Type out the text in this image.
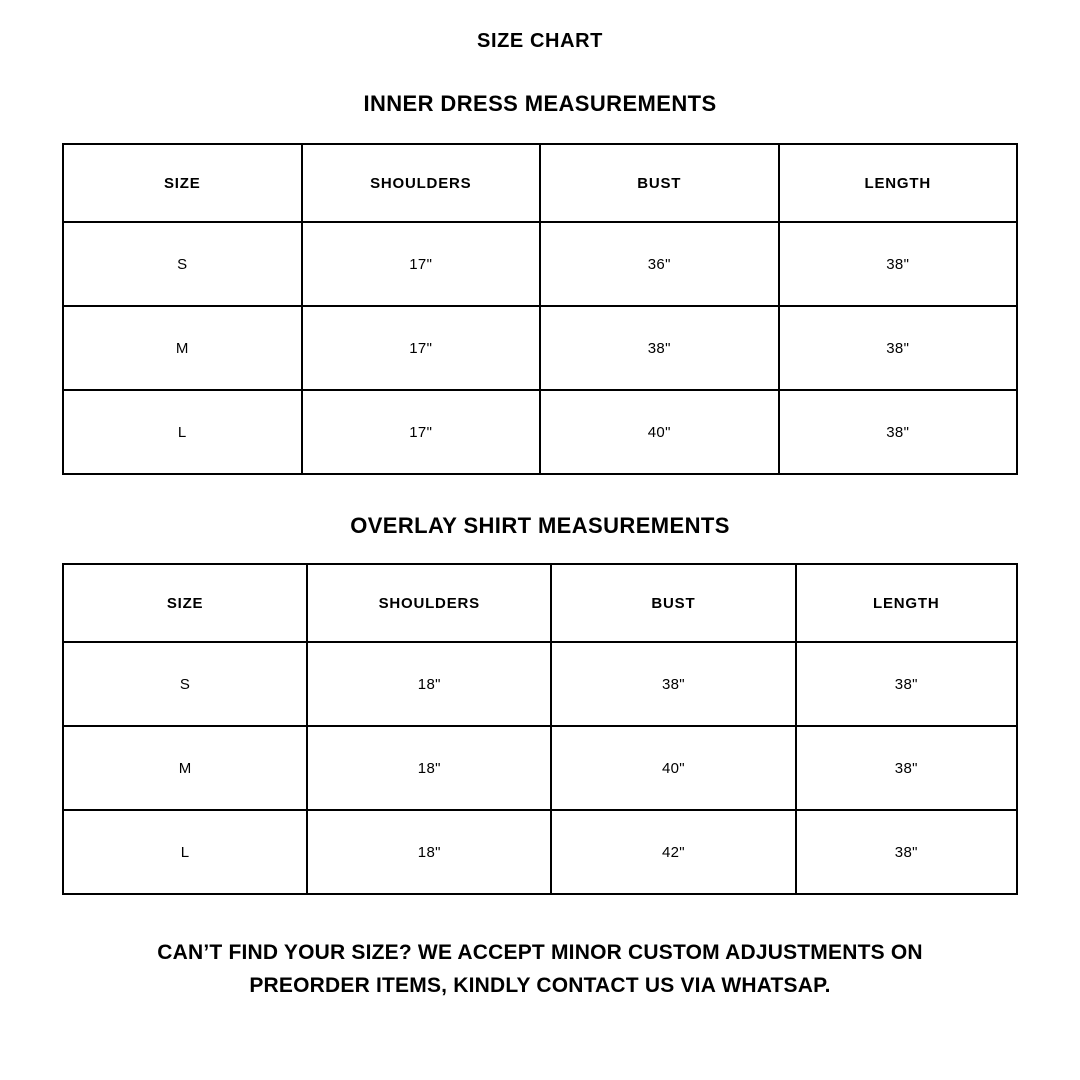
SIZE CHART
INNER DRESS MEASUREMENTS
SIZE	SHOULDERS	BUST	LENGTH
S	17"	36"	38"
M	17"	38"	38"
L	17"	40"	38"
OVERLAY SHIRT MEASUREMENTS
SIZE	SHOULDERS	BUST	LENGTH
S	18"	38"	38"
M	18"	40"	38"
L	18"	42"	38"

CAN’T FIND YOUR SIZE? WE ACCEPT MINOR CUSTOM ADJUSTMENTS ON
PREORDER ITEMS, KINDLY CONTACT US VIA WHATSAP.
